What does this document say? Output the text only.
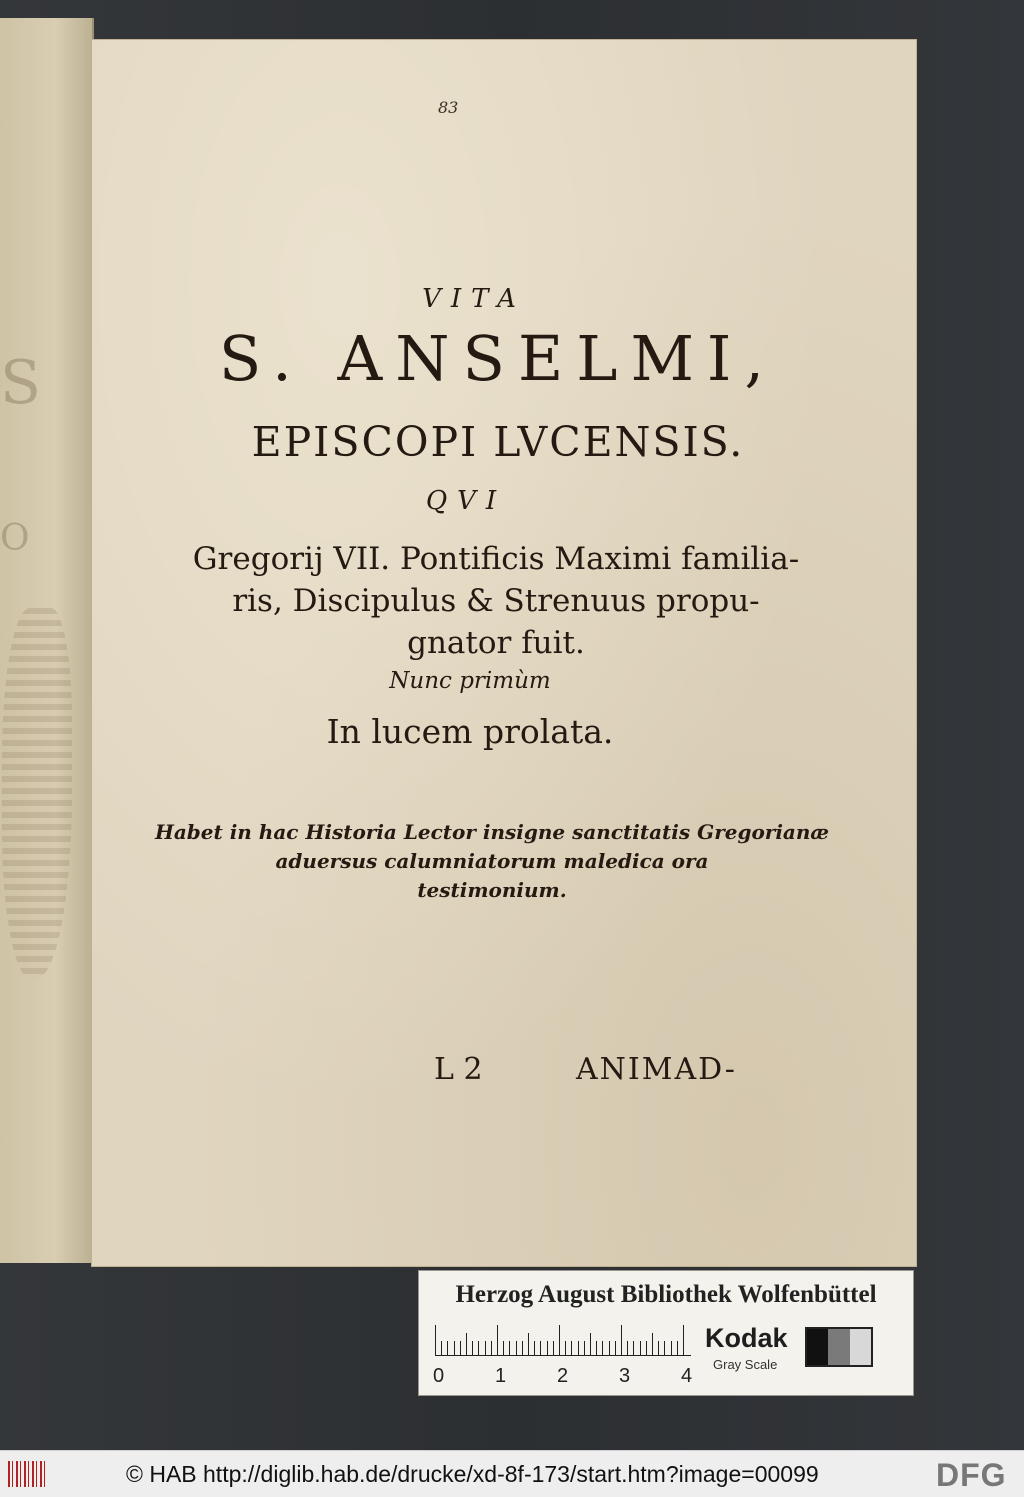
S
O
83
VITA
S. ANSELMI,
EPISCOPI LVCENSIS.
QVI
Gregorij VII. Pontificis Maximi familia-
ris, Discipulus & Strenuus propu-
gnator fuit.
Nunc primùm
In lucem prolata.
Habet in hac Historia Lector insigne sanctitatis Gregorianæ
aduersus calumniatorum maledica ora
testimonium.
L 2	ANIMAD-
Herzog August Bibliothek Wolfenbüttel
0	1	2	3	4
Kodak
Gray Scale
© HAB http://diglib.hab.de/drucke/xd-8f-173/start.htm?image=00099	DFG
